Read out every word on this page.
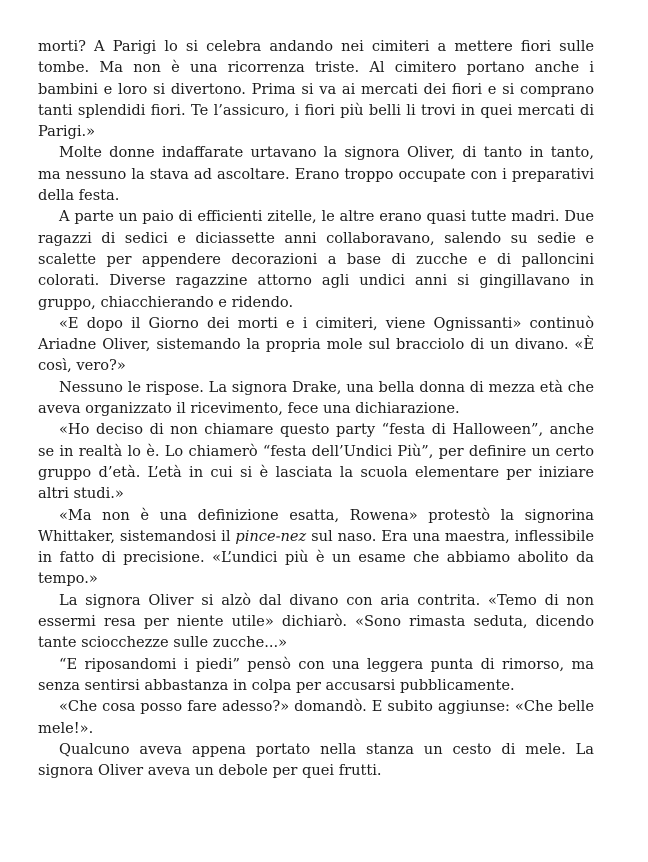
morti? A Parigi lo si celebra andando nei cimiteri a mettere fiori sulle tombe. Ma non è una ricorrenza triste. Al cimitero portano anche i bambini e loro si divertono. Prima si va ai mercati dei fiori e si comprano tanti splendidi fiori. Te l’assicuro, i fiori più belli li trovi in quei mercati di Parigi.»

Molte donne indaffarate urtavano la signora Oliver, di tanto in tanto, ma nessuno la stava ad ascoltare. Erano troppo occupate con i preparativi della festa.

A parte un paio di efficienti zitelle, le altre erano quasi tutte madri. Due ragazzi di sedici e diciassette anni collaboravano, salendo su sedie e scalette per appendere decorazioni a base di zucche e di palloncini colorati. Diverse ragazzine attorno agli undici anni si gingillavano in gruppo, chiacchierando e ridendo.

«E dopo il Giorno dei morti e i cimiteri, viene Ognissanti» continuò Ariadne Oliver, sistemando la propria mole sul bracciolo di un divano. «È così, vero?»

Nessuno le rispose. La signora Drake, una bella donna di mezza età che aveva organizzato il ricevimento, fece una dichiarazione.

«Ho deciso di non chiamare questo party “festa di Halloween”, anche se in realtà lo è. Lo chiamerò “festa dell’Undici Più”, per definire un certo gruppo d’età. L’età in cui si è lasciata la scuola elementare per iniziare altri studi.»

«Ma non è una definizione esatta, Rowena» protestò la signorina Whittaker, sistemandosi il pince-nez sul naso. Era una maestra, inflessibile in fatto di precisione. «L’undici più è un esame che abbiamo abolito da tempo.»

La signora Oliver si alzò dal divano con aria contrita. «Temo di non essermi resa per niente utile» dichiarò. «Sono rimasta seduta, dicendo tante sciocchezze sulle zucche...»

“E riposandomi i piedi” pensò con una leggera punta di rimorso, ma senza sentirsi abbastanza in colpa per accusarsi pubblicamente.

«Che cosa posso fare adesso?» domandò. E subito aggiunse: «Che belle mele!».

Qualcuno aveva appena portato nella stanza un cesto di mele. La signora Oliver aveva un debole per quei frutti.
